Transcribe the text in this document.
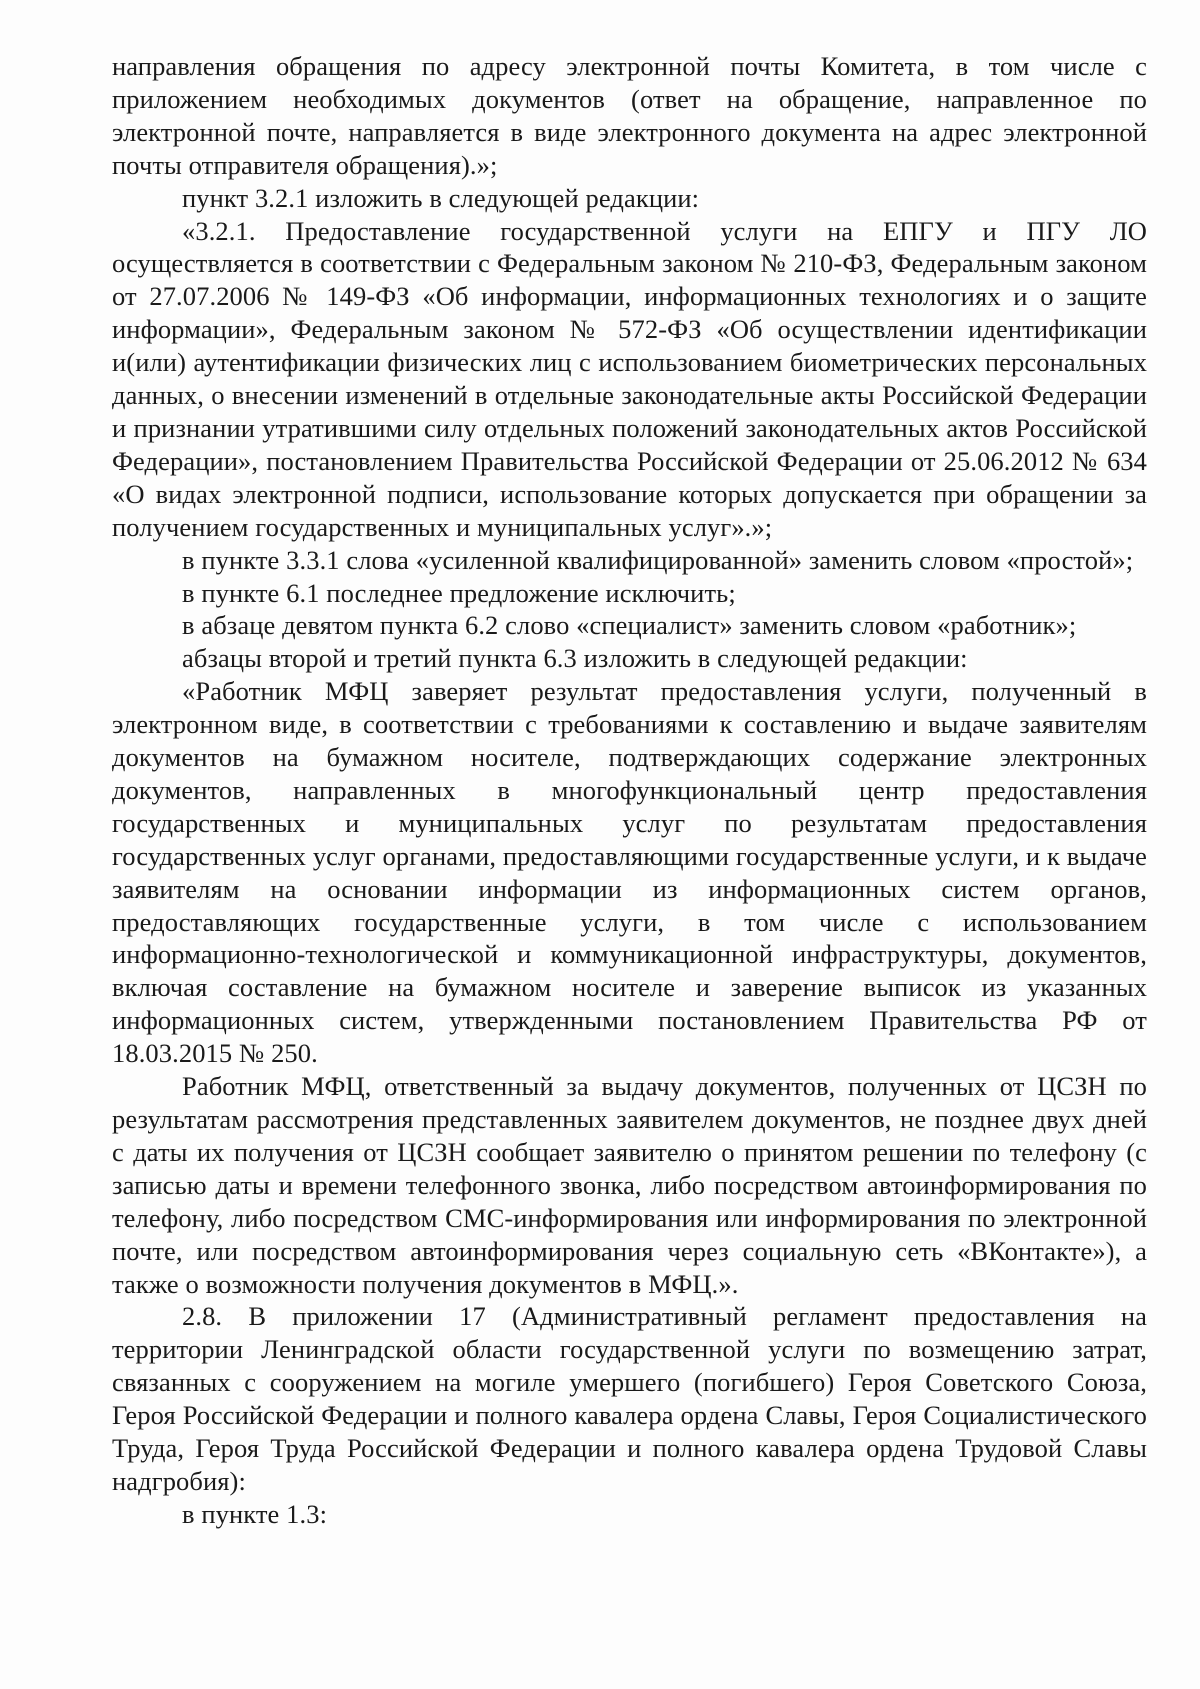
направления обращения по адресу электронной почты Комитета, в том числе с приложением необходимых документов (ответ на обращение, направленное по электронной почте, направляется в виде электронного документа на адрес электронной почты отправителя обращения).»;

пункт 3.2.1 изложить в следующей редакции:

«3.2.1. Предоставление государственной услуги на ЕПГУ и ПГУ ЛО осуществляется в соответствии с Федеральным законом № 210-ФЗ, Федеральным законом от 27.07.2006 № 149-ФЗ «Об информации, информационных технологиях и о защите информации», Федеральным законом № 572-ФЗ «Об осуществлении идентификации и(или) аутентификации физических лиц с использованием биометрических персональных данных, о внесении изменений в отдельные законодательные акты Российской Федерации и признании утратившими силу отдельных положений законодательных актов Российской Федерации», постановлением Правительства Российской Федерации от 25.06.2012 № 634 «О видах электронной подписи, использование которых допускается при обращении за получением государственных и муниципальных услуг».»;

в пункте 3.3.1 слова «усиленной квалифицированной» заменить словом «простой»;

в пункте 6.1 последнее предложение исключить;

в абзаце девятом пункта 6.2 слово «специалист» заменить словом «работник»;

абзацы второй и третий пункта 6.3 изложить в следующей редакции:

«Работник МФЦ заверяет результат предоставления услуги, полученный в электронном виде, в соответствии с требованиями к составлению и выдаче заявителям документов на бумажном носителе, подтверждающих содержание электронных документов, направленных в многофункциональный центр предоставления государственных и муниципальных услуг по результатам предоставления государственных услуг органами, предоставляющими государственные услуги, и к выдаче заявителям на основании информации из информационных систем органов, предоставляющих государственные услуги, в том числе с использованием информационно-технологической и коммуникационной инфраструктуры, документов, включая составление на бумажном носителе и заверение выписок из указанных информационных систем, утвержденными постановлением Правительства РФ от 18.03.2015 № 250.

Работник МФЦ, ответственный за выдачу документов, полученных от ЦСЗН по результатам рассмотрения представленных заявителем документов, не позднее двух дней с даты их получения от ЦСЗН сообщает заявителю о принятом решении по телефону (с записью даты и времени телефонного звонка, либо посредством автоинформирования по телефону, либо посредством СМС-информирования или информирования по электронной почте, или посредством автоинформирования через социальную сеть «ВКонтакте»), а также о возможности получения документов в МФЦ.».

2.8. В приложении 17 (Административный регламент предоставления на территории Ленинградской области государственной услуги по возмещению затрат, связанных с сооружением на могиле умершего (погибшего) Героя Советского Союза, Героя Российской Федерации и полного кавалера ордена Славы, Героя Социалистического Труда, Героя Труда Российской Федерации и полного кавалера ордена Трудовой Славы надгробия):

в пункте 1.3:
